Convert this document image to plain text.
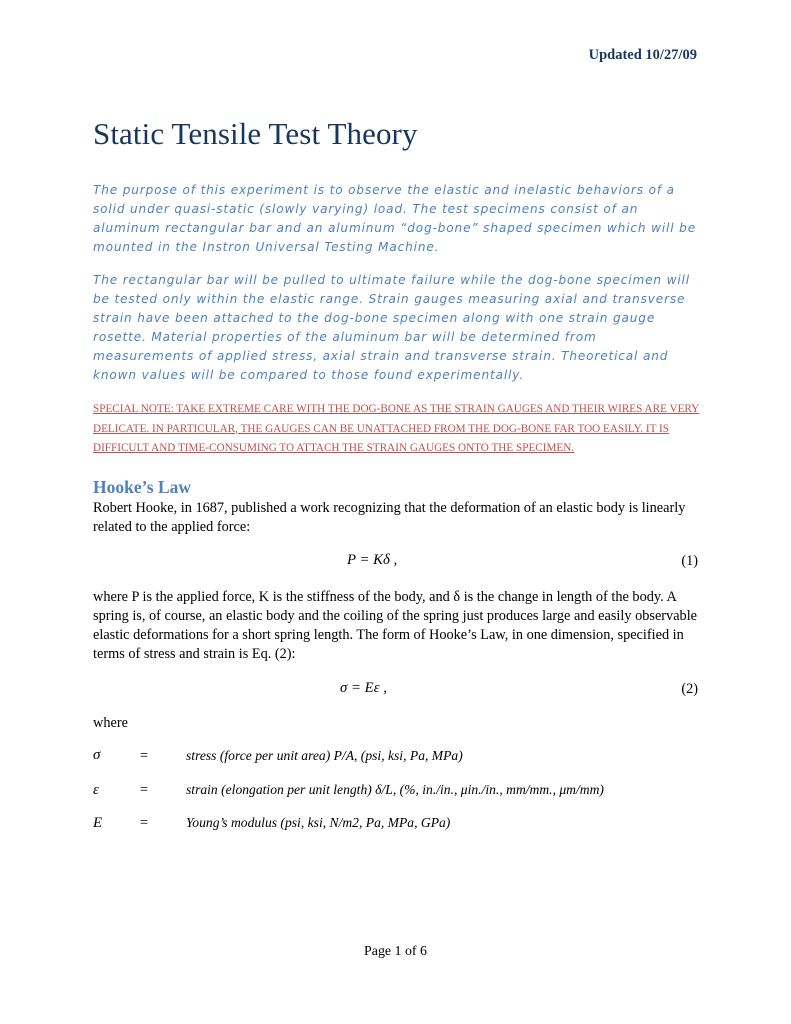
Updated 10/27/09
Static Tensile Test Theory
The purpose of this experiment is to observe the elastic and inelastic behaviors of a solid under quasi-static (slowly varying) load. The test specimens consist of an aluminum rectangular bar and an aluminum “dog-bone” shaped specimen which will be mounted in the Instron Universal Testing Machine.
The rectangular bar will be pulled to ultimate failure while the dog-bone specimen will be tested only within the elastic range. Strain gauges measuring axial and transverse strain have been attached to the dog-bone specimen along with one strain gauge rosette. Material properties of the aluminum bar will be determined from measurements of applied stress, axial strain and transverse strain. Theoretical and known values will be compared to those found experimentally.
SPECIAL NOTE: TAKE EXTREME CARE WITH THE DOG-BONE AS THE STRAIN GAUGES AND THEIR WIRES ARE VERY DELICATE. IN PARTICULAR, THE GAUGES CAN BE UNATTACHED FROM THE DOG-BONE FAR TOO EASILY. IT IS DIFFICULT AND TIME-CONSUMING TO ATTACH THE STRAIN GAUGES ONTO THE SPECIMEN.
Hooke’s Law
Robert Hooke, in 1687, published a work recognizing that the deformation of an elastic body is linearly related to the applied force:
P = Kδ ,	(1)
where P is the applied force, K is the stiffness of the body, and δ is the change in length of the body. A spring is, of course, an elastic body and the coiling of the spring just produces large and easily observable elastic deformations for a short spring length. The form of Hooke’s Law, in one dimension, specified in terms of stress and strain is Eq. (2):
σ = Eε ,	(2)
where
σ	=	stress (force per unit area) P/A, (psi, ksi, Pa, MPa)
ε	=	strain (elongation per unit length) δ/L, (%, in./in., μin./in., mm/mm., μm/mm)
E	=	Young’s modulus (psi, ksi, N/m2, Pa, MPa, GPa)
Page 1 of 6
